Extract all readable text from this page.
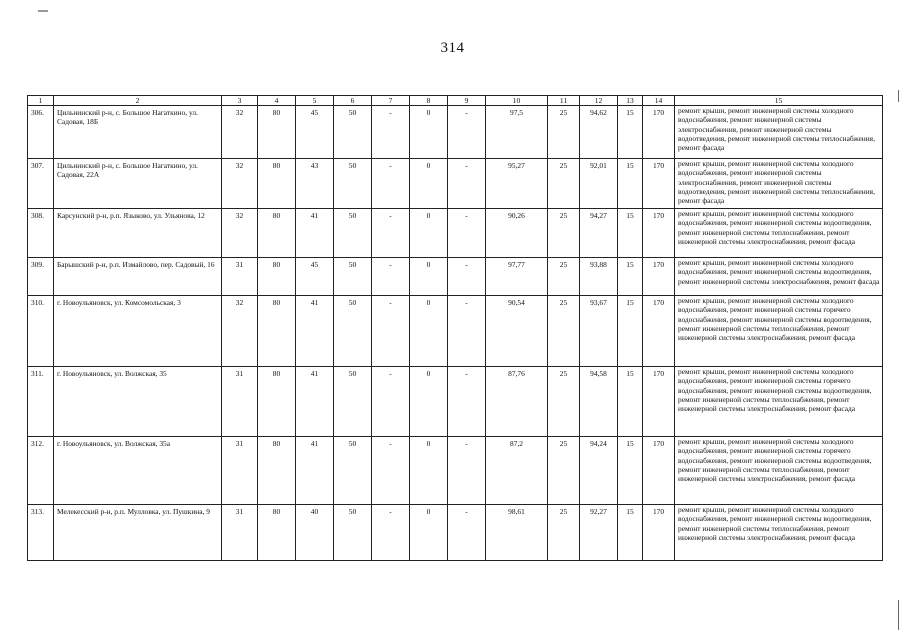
314
1	2	3	4	5	6	7	8	9	10	11	12	13	14	15
306.	Цильнинский р-н, с. Большое Нагаткино, ул. Садовая, 18Б	32	80	45	50	-	0	-	97,5	25	94,62	15	170	ремонт крыши, ремонт инженерной системы холодного водоснабжения, ремонт инженерной системы электроснабжения, ремонт инженерной системы водоотведения, ремонт инженерной системы теплоснабжения, ремонт фасада
307.	Цильнинский р-н, с. Большое Нагаткино, ул. Садовая, 22А	32	80	43	50	-	0	-	95,27	25	92,01	15	170	ремонт крыши, ремонт инженерной системы холодного водоснабжения, ремонт инженерной системы электроснабжения, ремонт инженерной системы водоотведения, ремонт инженерной системы теплоснабжения, ремонт фасада
308.	Карсунский р-н, р.п. Языково, ул. Ульянова, 12	32	80	41	50	-	0	-	90,26	25	94,27	15	170	ремонт крыши, ремонт инженерной системы холодного водоснабжения, ремонт инженерной системы водоотведения, ремонт инженерной системы теплоснабжения, ремонт инженерной системы электроснабжения, ремонт фасада
309.	Барышский р-н, р.п. Измайлово, пер. Садовый, 16	31	80	45	50	-	0	-	97,77	25	93,88	15	170	ремонт крыши, ремонт инженерной системы холодного водоснабжения, ремонт инженерной системы водоотведения, ремонт инженерной системы электроснабжения, ремонт фасада
310.	г. Новоульяновск, ул. Комсомольская, 3	32	80	41	50	-	0	-	90,54	25	93,67	15	170	ремонт крыши, ремонт инженерной системы холодного водоснабжения, ремонт инженерной системы горячего водоснабжения, ремонт инженерной системы водоотведения, ремонт инженерной системы теплоснабжения, ремонт инженерной системы электроснабжения, ремонт фасада
311.	г. Новоульяновск, ул. Волжская, 35	31	80	41	50	-	0	-	87,76	25	94,58	15	170	ремонт крыши, ремонт инженерной системы холодного водоснабжения, ремонт инженерной системы горячего водоснабжения, ремонт инженерной системы водоотведения, ремонт инженерной системы теплоснабжения, ремонт инженерной системы электроснабжения, ремонт фасада
312.	г. Новоульяновск, ул. Волжская, 35а	31	80	41	50	-	0	-	87,2	25	94,24	15	170	ремонт крыши, ремонт инженерной системы холодного водоснабжения, ремонт инженерной системы горячего водоснабжения, ремонт инженерной системы водоотведения, ремонт инженерной системы теплоснабжения, ремонт инженерной системы электроснабжения, ремонт фасада
313.	Мелекесский р-н, р.п. Мулловка, ул. Пушкина, 9	31	80	40	50	-	0	-	98,61	25	92,27	15	170	ремонт крыши, ремонт инженерной системы холодного водоснабжения, ремонт инженерной системы водоотведения, ремонт инженерной системы теплоснабжения, ремонт инженерной системы электроснабжения, ремонт фасада
